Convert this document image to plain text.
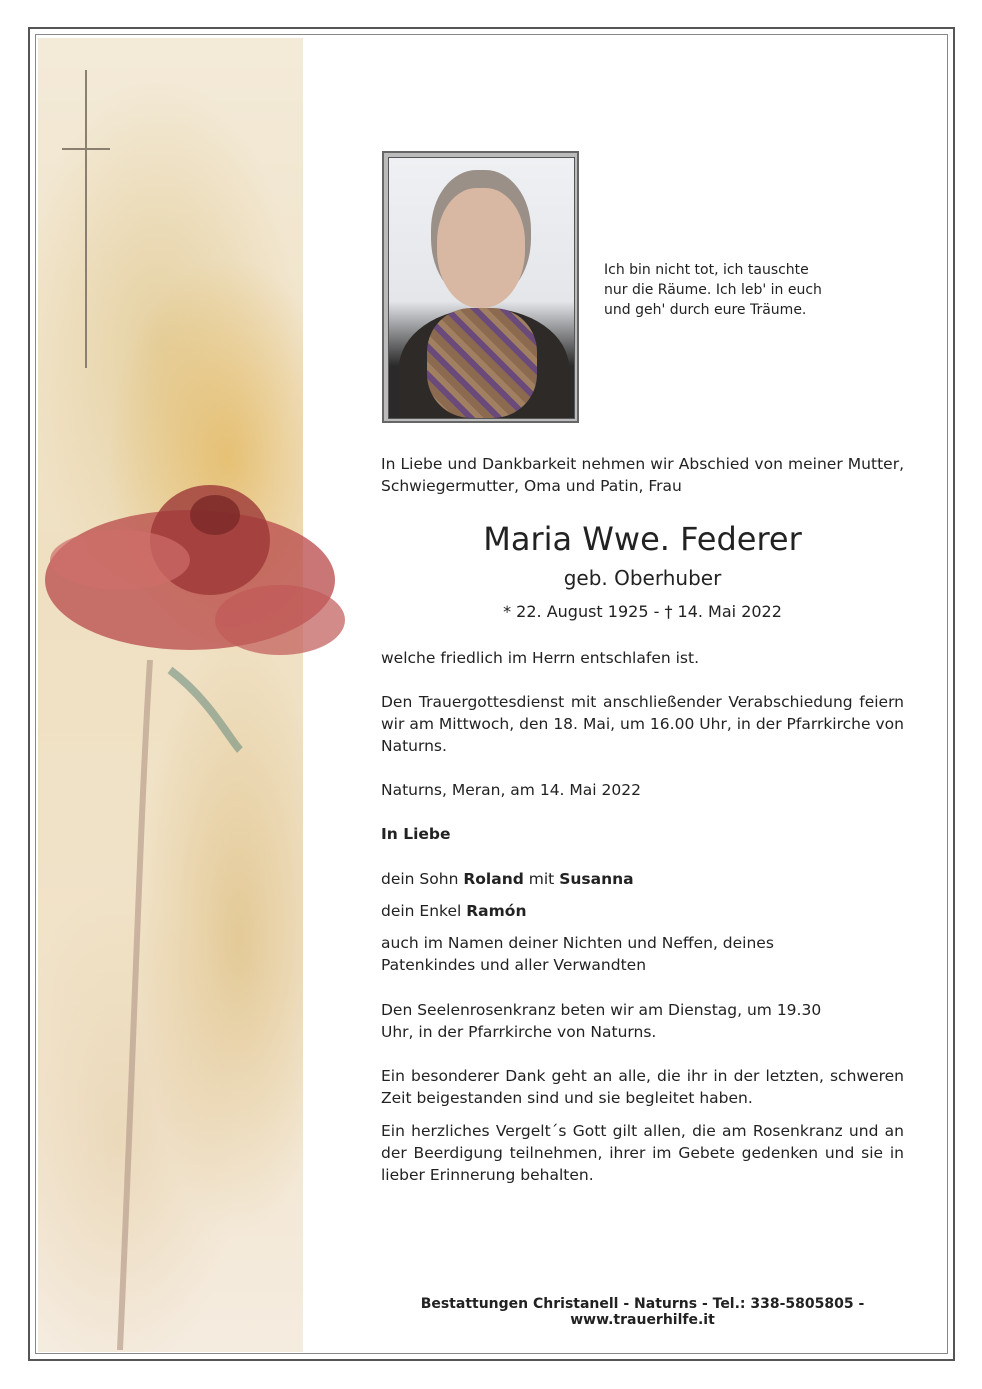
Ich bin nicht tot, ich tauschte
nur die Räume. Ich leb' in euch
und geh' durch eure Träume.
In Liebe und Dankbarkeit nehmen wir Abschied von meiner Mutter, Schwiegermutter, Oma und Patin, Frau
Maria Wwe. Federer
geb. Oberhuber
* 22. August 1925 - † 14. Mai 2022
welche friedlich im Herrn entschlafen ist.
Den Trauergottesdienst mit anschließender Verabschiedung feiern wir am Mittwoch, den 18. Mai, um 16.00 Uhr, in der Pfarrkirche von Naturns.
Naturns, Meran, am 14. Mai 2022
In Liebe
dein Sohn Roland mit Susanna
dein Enkel Ramón
auch im Namen deiner Nichten und Neffen, deines Patenkindes und aller Verwandten
Den Seelenrosenkranz beten wir am Dienstag, um 19.30 Uhr, in der Pfarrkirche von Naturns.
Ein besonderer Dank geht an alle, die ihr in der letzten, schweren Zeit beigestanden sind und sie begleitet haben.
Ein herzliches Vergelt´s Gott gilt allen, die am Rosenkranz und an der Beerdigung teilnehmen, ihrer im Gebete gedenken und sie in lieber Erinnerung behalten.
Bestattungen Christanell - Naturns - Tel.: 338-5805805 - www.trauerhilfe.it
